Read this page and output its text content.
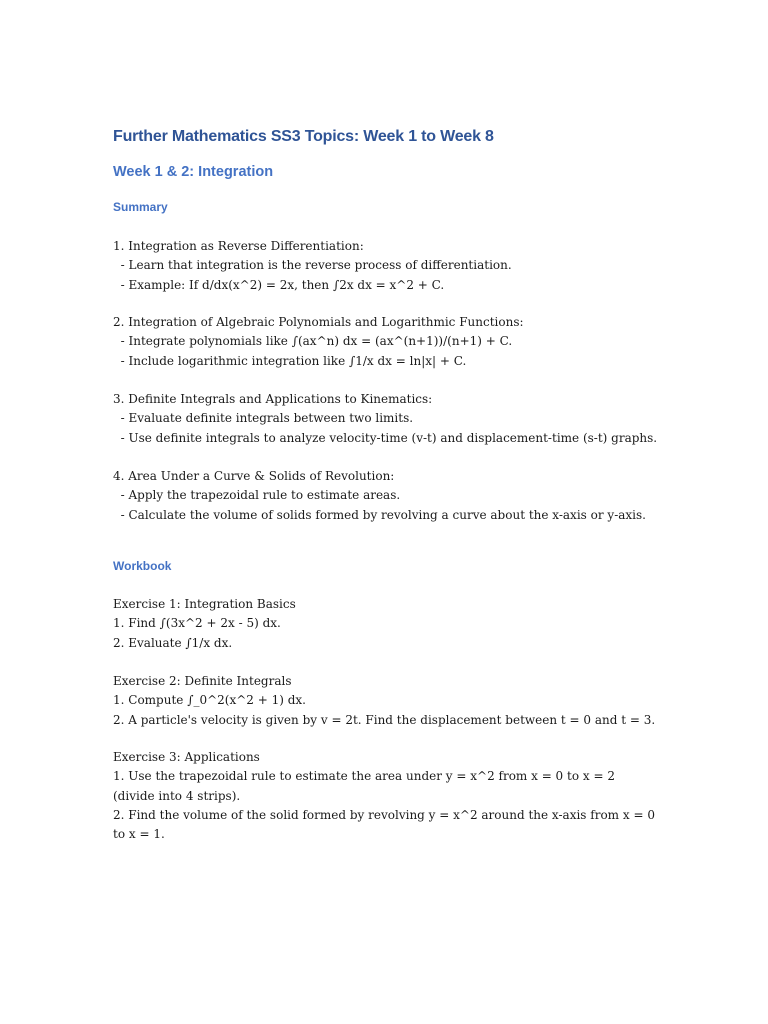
Further Mathematics SS3 Topics: Week 1 to Week 8
Week 1 & 2: Integration
Summary
1. Integration as Reverse Differentiation:
- Learn that integration is the reverse process of differentiation.
- Example: If d/dx(x^2) = 2x, then ∫2x dx = x^2 + C.
2. Integration of Algebraic Polynomials and Logarithmic Functions:
- Integrate polynomials like ∫(ax^n) dx = (ax^(n+1))/(n+1) + C.
- Include logarithmic integration like ∫1/x dx = ln|x| + C.
3. Definite Integrals and Applications to Kinematics:
- Evaluate definite integrals between two limits.
- Use definite integrals to analyze velocity-time (v-t) and displacement-time (s-t) graphs.
4. Area Under a Curve & Solids of Revolution:
- Apply the trapezoidal rule to estimate areas.
- Calculate the volume of solids formed by revolving a curve about the x-axis or y-axis.
Workbook
Exercise 1: Integration Basics
1. Find ∫(3x^2 + 2x - 5) dx.
2. Evaluate ∫1/x dx.
Exercise 2: Definite Integrals
1. Compute ∫_0^2(x^2 + 1) dx.
2. A particle's velocity is given by v = 2t. Find the displacement between t = 0 and t = 3.
Exercise 3: Applications
1. Use the trapezoidal rule to estimate the area under y = x^2 from x = 0 to x = 2 (divide into 4 strips).
2. Find the volume of the solid formed by revolving y = x^2 around the x-axis from x = 0 to x = 1.
